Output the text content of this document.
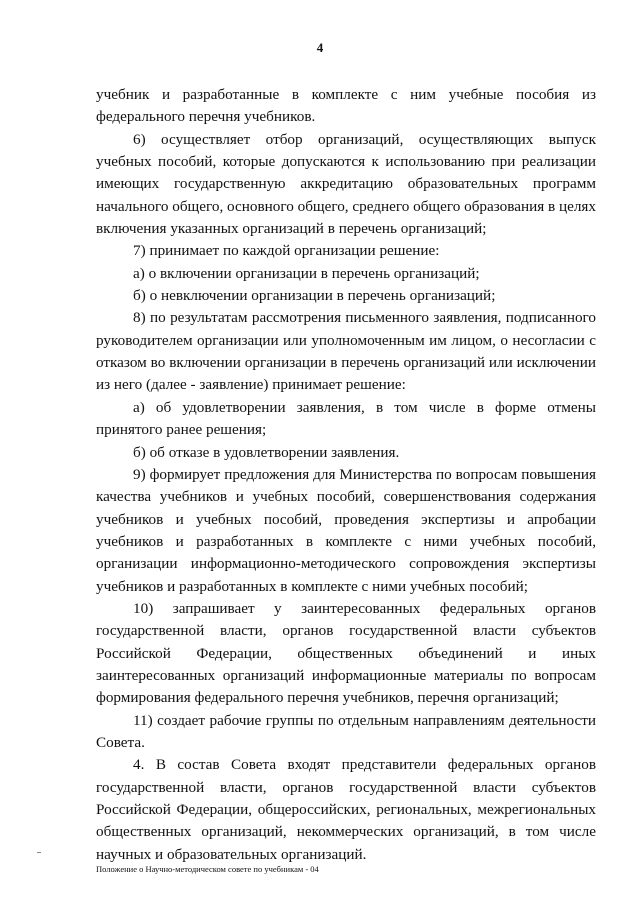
4

учебник и разработанные в комплекте с ним учебные пособия из федерального перечня учебников.

6) осуществляет отбор организаций, осуществляющих выпуск учебных пособий, которые допускаются к использованию при реализации имеющих государственную аккредитацию образовательных программ начального общего, основного общего, среднего общего образования в целях включения указанных организаций в перечень организаций;

7) принимает по каждой организации решение:

а) о включении организации в перечень организаций;

б) о невключении организации в перечень организаций;

8) по результатам рассмотрения письменного заявления, подписанного руководителем организации или уполномоченным им лицом, о несогласии с отказом во включении организации в перечень организаций или исключении из него (далее - заявление) принимает решение:

а) об удовлетворении заявления, в том числе в форме отмены принятого ранее решения;

б) об отказе в удовлетворении заявления.

9) формирует предложения для Министерства по вопросам повышения качества учебников и учебных пособий, совершенствования содержания учебников и учебных пособий, проведения экспертизы и апробации учебников и разработанных в комплекте с ними учебных пособий, организации информационно-методического сопровождения экспертизы учебников и разработанных в комплекте с ними учебных пособий;

10) запрашивает у заинтересованных федеральных органов государственной власти, органов государственной власти субъектов Российской Федерации, общественных объединений и иных заинтересованных организаций информационные материалы по вопросам формирования федерального перечня учебников, перечня организаций;

11) создает рабочие группы по отдельным направлениям деятельности Совета.

4. В состав Совета входят представители федеральных органов государственной власти, органов государственной власти субъектов Российской Федерации, общероссийских, региональных, межрегиональных общественных организаций, некоммерческих организаций, в том числе научных и образовательных организаций.

Положение о Научно-методическом совете по учебникам - 04
